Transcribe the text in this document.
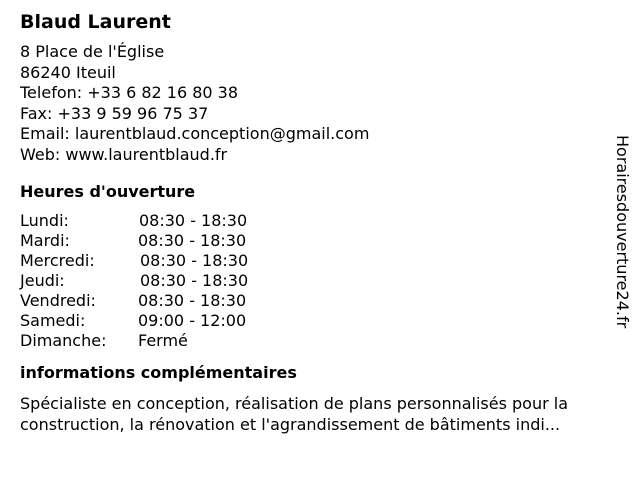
Blaud Laurent
8 Place de l'Église
86240 Iteuil
Telefon: +33 6 82 16 80 38
Fax: +33 9 59 96 75 37
Email: laurentblaud.conception@gmail.com
Web: www.laurentblaud.fr
Heures d'ouverture
Lundi:	08:30 - 18:30
Mardi:	08:30 - 18:30
Mercredi:	08:30 - 18:30
Jeudi:	08:30 - 18:30
Vendredi:	08:30 - 18:30
Samedi:	09:00 - 12:00
Dimanche:	Fermé
informations complémentaires
Spécialiste en conception, réalisation de plans personnalisés pour la construction, la rénovation et l'agrandissement de bâtiments indi...
Horairesdouverture24.fr
